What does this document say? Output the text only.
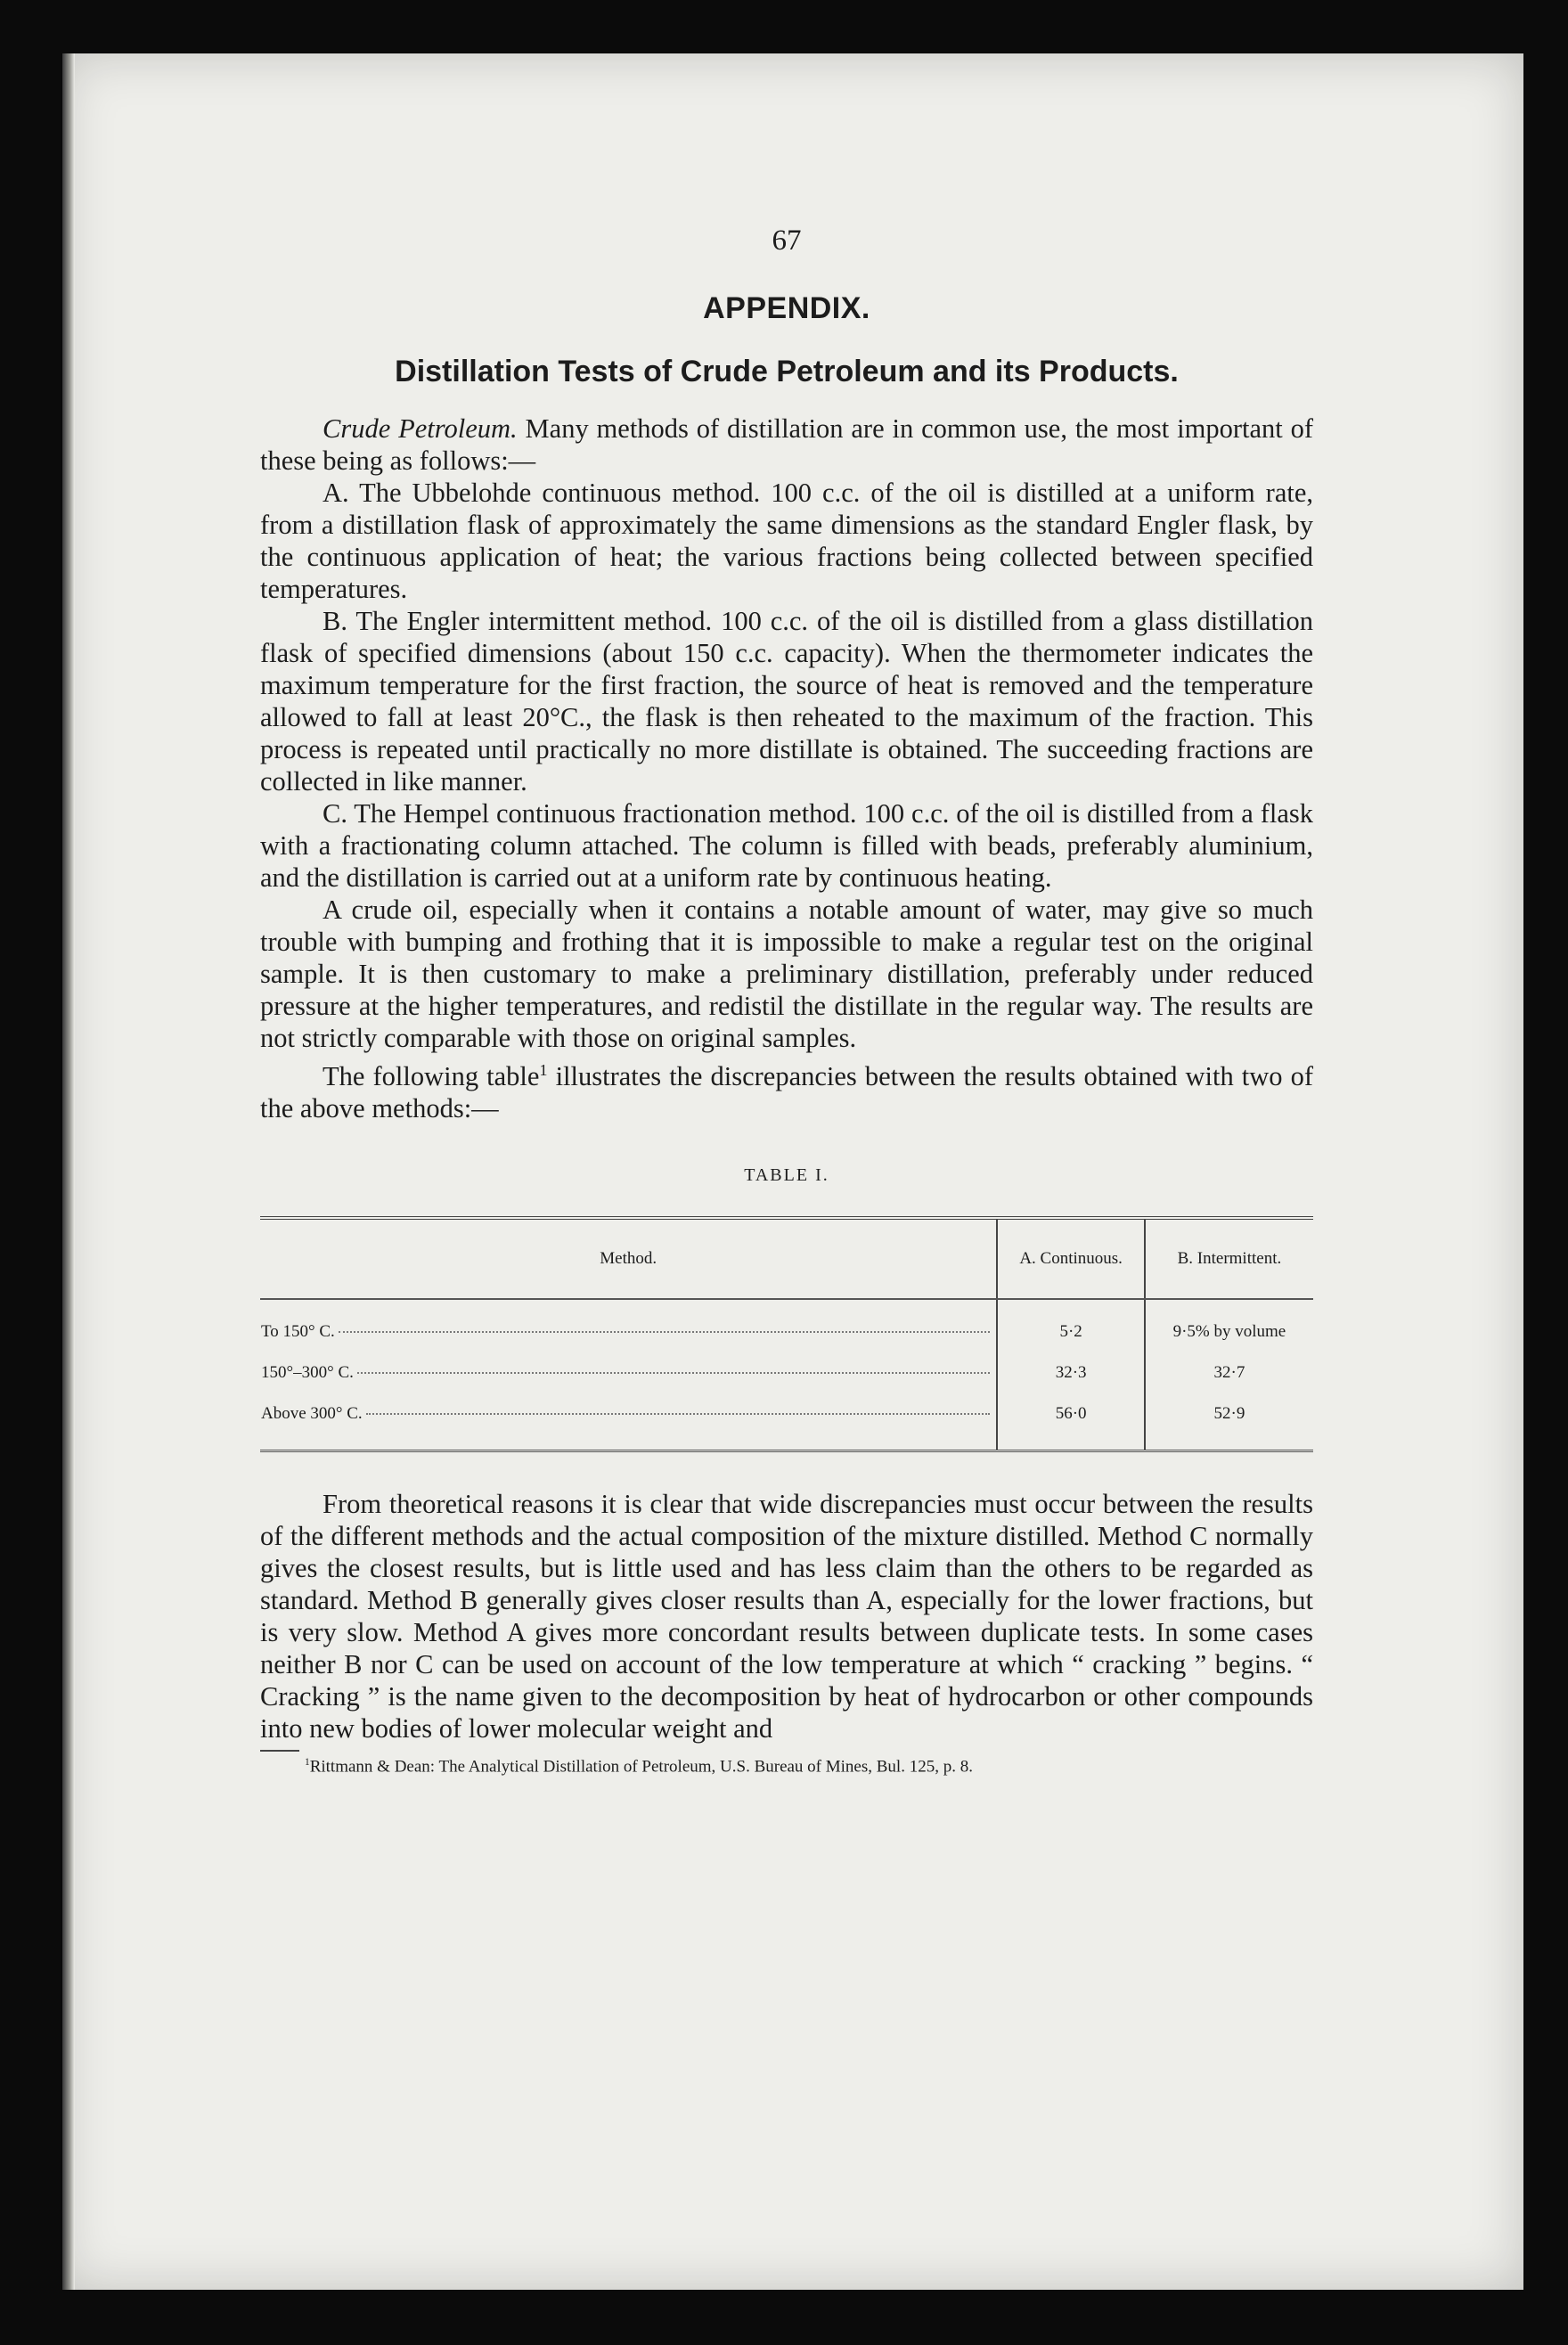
67
APPENDIX.
Distillation Tests of Crude Petroleum and its Products.

Crude Petroleum. Many methods of distillation are in common use, the most important of these being as follows:—

A. The Ubbelohde continuous method. 100 c.c. of the oil is distilled at a uniform rate, from a distillation flask of approximately the same dimensions as the standard Engler flask, by the continuous application of heat; the various fractions being collected between specified temperatures.

B. The Engler intermittent method. 100 c.c. of the oil is distilled from a glass distillation flask of specified dimensions (about 150 c.c. capacity). When the thermometer indicates the maximum temperature for the first fraction, the source of heat is removed and the temperature allowed to fall at least 20°C., the flask is then reheated to the maximum of the fraction. This process is repeated until practically no more distillate is obtained. The succeeding fractions are collected in like manner.

C. The Hempel continuous fractionation method. 100 c.c. of the oil is distilled from a flask with a fractionating column attached. The column is filled with beads, preferably aluminium, and the distillation is carried out at a uniform rate by continuous heating.

A crude oil, especially when it contains a notable amount of water, may give so much trouble with bumping and frothing that it is impossible to make a regular test on the original sample. It is then customary to make a preliminary distillation, preferably under reduced pressure at the higher temperatures, and redistil the distillate in the regular way. The results are not strictly comparable with those on original samples.

The following table$^1$ illustrates the discrepancies between the results obtained with two of the above methods:—

TABLE I.
Method.	A. Continuous.	B. Intermittent.

To 150° C.	5·2	9·5% by volume

150°–300° C.	32·3	32·7

Above 300° C.	56·0	52·9

From theoretical reasons it is clear that wide discrepancies must occur between the results of the different methods and the actual composition of the mixture distilled. Method C normally gives the closest results, but is little used and has less claim than the others to be regarded as standard. Method B generally gives closer results than A, especially for the lower fractions, but is very slow. Method A gives more concordant results between duplicate tests. In some cases neither B nor C can be used on account of the low temperature at which “ cracking ” begins. “ Cracking ” is the name given to the decomposition by heat of hydrocarbon or other compounds into new bodies of lower molecular weight and

$^1$Rittmann & Dean: The Analytical Distillation of Petroleum, U.S. Bureau of Mines, Bul. 125, p. 8.
